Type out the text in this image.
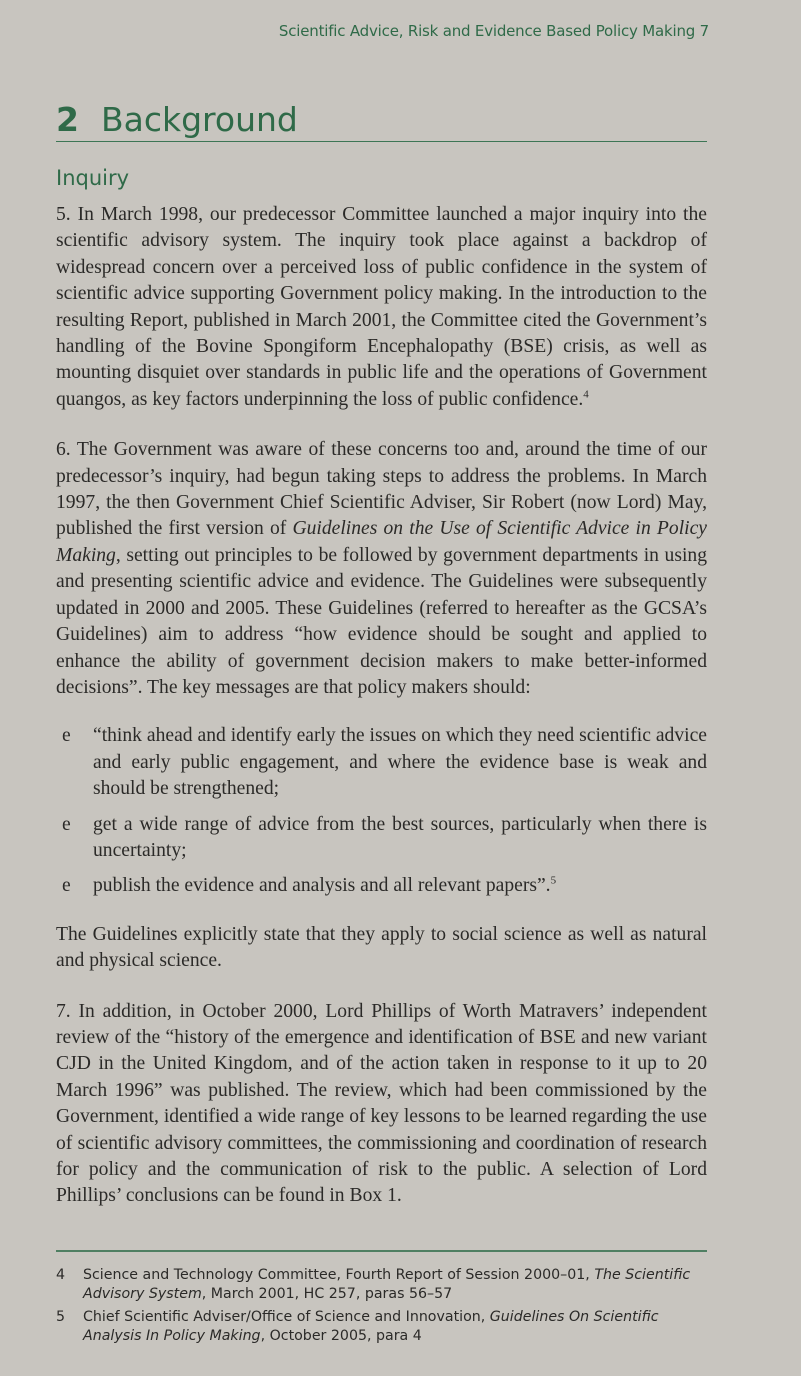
Scientific Advice, Risk and Evidence Based Policy Making 7
2 Background
Inquiry
5. In March 1998, our predecessor Committee launched a major inquiry into the scientific advisory system. The inquiry took place against a backdrop of widespread concern over a perceived loss of public confidence in the system of scientific advice supporting Government policy making. In the introduction to the resulting Report, published in March 2001, the Committee cited the Government’s handling of the Bovine Spongiform Encephalopathy (BSE) crisis, as well as mounting disquiet over standards in public life and the operations of Government quangos, as key factors underpinning the loss of public confidence.$^4$
6. The Government was aware of these concerns too and, around the time of our predecessor’s inquiry, had begun taking steps to address the problems. In March 1997, the then Government Chief Scientific Adviser, Sir Robert (now Lord) May, published the first version of Guidelines on the Use of Scientific Advice in Policy Making, setting out principles to be followed by government departments in using and presenting scientific advice and evidence. The Guidelines were subsequently updated in 2000 and 2005. These Guidelines (referred to hereafter as the GCSA’s Guidelines) aim to address “how evidence should be sought and applied to enhance the ability of government decision makers to make better-informed decisions”. The key messages are that policy makers should:
e “think ahead and identify early the issues on which they need scientific advice and early public engagement, and where the evidence base is weak and should be strengthened;
e get a wide range of advice from the best sources, particularly when there is uncertainty;
e publish the evidence and analysis and all relevant papers”.$^5$
The Guidelines explicitly state that they apply to social science as well as natural and physical science.
7. In addition, in October 2000, Lord Phillips of Worth Matravers’ independent review of the “history of the emergence and identification of BSE and new variant CJD in the United Kingdom, and of the action taken in response to it up to 20 March 1996” was published. The review, which had been commissioned by the Government, identified a wide range of key lessons to be learned regarding the use of scientific advisory committees, the commissioning and coordination of research for policy and the communication of risk to the public. A selection of Lord Phillips’ conclusions can be found in Box 1.
4 Science and Technology Committee, Fourth Report of Session 2000–01, The Scientific Advisory System, March 2001, HC 257, paras 56–57
5 Chief Scientific Adviser/Office of Science and Innovation, Guidelines On Scientific Analysis In Policy Making, October 2005, para 4
